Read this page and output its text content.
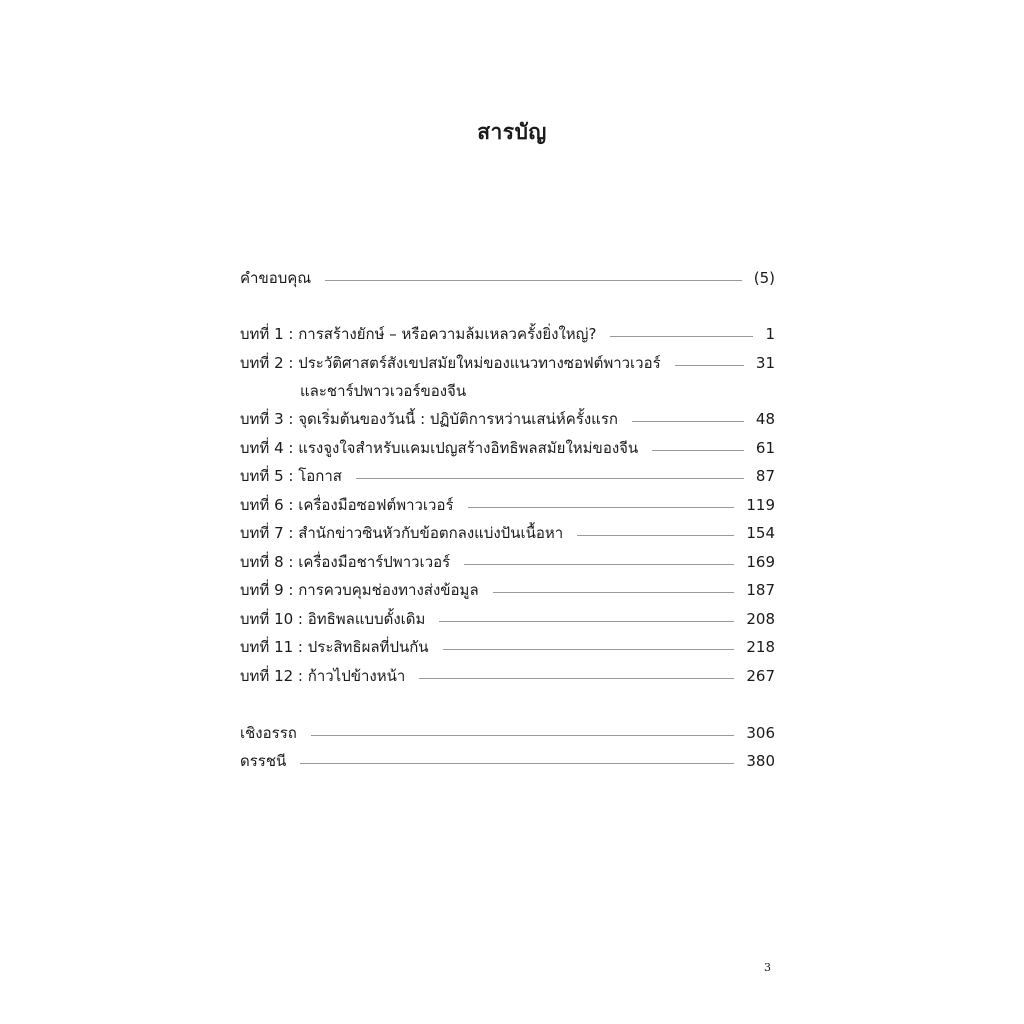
สารบัญ
คำขอบคุณ	(5)
บทที่ 1 : การสร้างยักษ์ – หรือความล้มเหลวครั้งยิ่งใหญ่?	1
บทที่ 2 : ประวัติศาสตร์สังเขปสมัยใหม่ของแนวทางซอฟต์พาวเวอร์	31
และชาร์ปพาวเวอร์ของจีน
บทที่ 3 : จุดเริ่มต้นของวันนี้ : ปฏิบัติการหว่านเสน่ห์ครั้งแรก	48
บทที่ 4 : แรงจูงใจสำหรับแคมเปญสร้างอิทธิพลสมัยใหม่ของจีน	61
บทที่ 5 : โอกาส	87
บทที่ 6 : เครื่องมือซอฟต์พาวเวอร์	119
บทที่ 7 : สำนักข่าวซินหัวกับข้อตกลงแบ่งปันเนื้อหา	154
บทที่ 8 : เครื่องมือชาร์ปพาวเวอร์	169
บทที่ 9 : การควบคุมช่องทางส่งข้อมูล	187
บทที่ 10 : อิทธิพลแบบดั้งเดิม	208
บทที่ 11 : ประสิทธิผลที่ปนกัน	218
บทที่ 12 : ก้าวไปข้างหน้า	267
เชิงอรรถ	306
ดรรชนี	380
3
